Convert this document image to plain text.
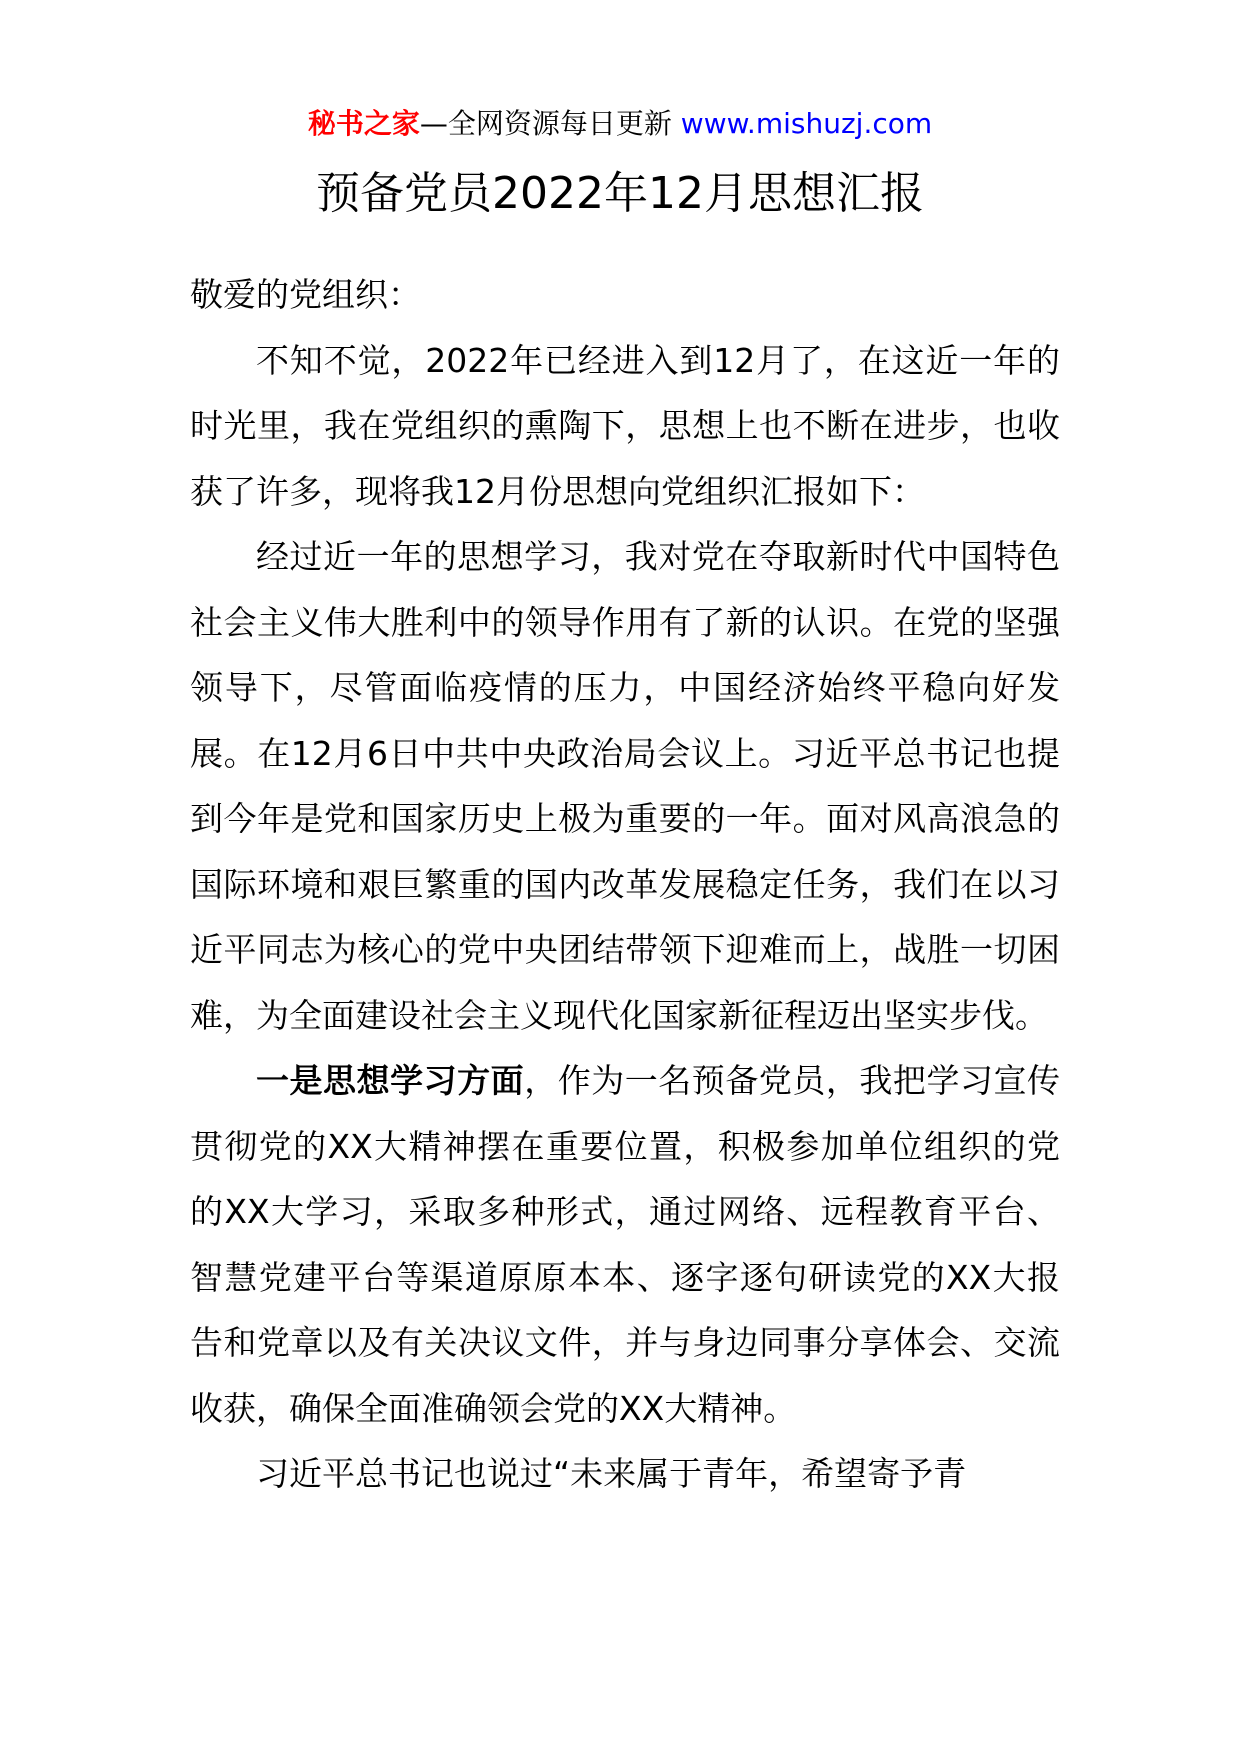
秘书之家—全网资源每日更新 www.mishuzj.com
预备党员2022年12月思想汇报

敬爱的党组织：

不知不觉，2022年已经进入到12月了，在这近一年的时光里，我在党组织的熏陶下，思想上也不断在进步，也收获了许多，现将我12月份思想向党组织汇报如下：

经过近一年的思想学习，我对党在夺取新时代中国特色社会主义伟大胜利中的领导作用有了新的认识。在党的坚强领导下，尽管面临疫情的压力，中国经济始终平稳向好发展。在12月6日中共中央政治局会议上。习近平总书记也提到今年是党和国家历史上极为重要的一年。面对风高浪急的国际环境和艰巨繁重的国内改革发展稳定任务，我们在以习近平同志为核心的党中央团结带领下迎难而上，战胜一切困难，为全面建设社会主义现代化国家新征程迈出坚实步伐。

一是思想学习方面，作为一名预备党员，我把学习宣传贯彻党的XX大精神摆在重要位置，积极参加单位组织的党的XX大学习，采取多种形式，通过网络、远程教育平台、智慧党建平台等渠道原原本本、逐字逐句研读党的XX大报告和党章以及有关决议文件，并与身边同事分享体会、交流收获，确保全面准确领会党的XX大精神。

习近平总书记也说过“未来属于青年，希望寄予青
